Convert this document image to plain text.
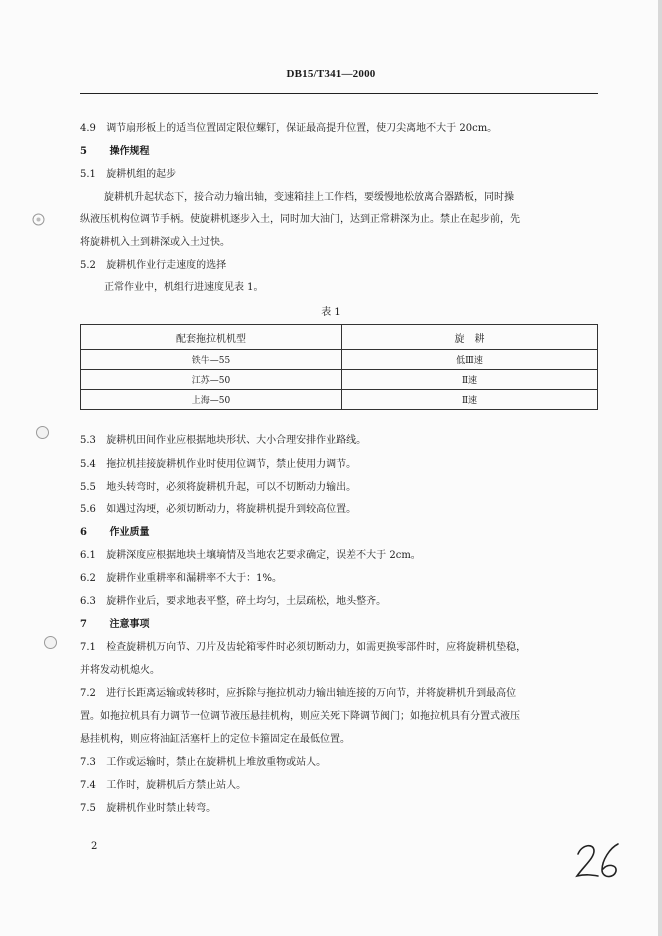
DB15/T341—2000
4.9 调节扇形板上的适当位置固定限位螺钉，保证最高提升位置，使刀尖离地不大于 20cm。
5 操作规程
5.1 旋耕机组的起步
旋耕机升起状态下，接合动力输出轴，变速箱挂上工作档，要缓慢地松放离合器踏板，同时操
纵液压机构位调节手柄。使旋耕机逐步入土，同时加大油门，达到正常耕深为止。禁止在起步前，先
将旋耕机入土到耕深或入土过快。
5.2 旋耕机作业行走速度的选择
正常作业中，机组行进速度见表 1。
表 1
配套拖拉机机型	旋　耕
铁牛—55	低Ⅲ速
江苏—50	Ⅱ速
上海—50	Ⅱ速
5.3 旋耕机田间作业应根据地块形状、大小合理安排作业路线。
5.4 拖拉机挂接旋耕机作业时使用位调节，禁止使用力调节。
5.5 地头转弯时，必须将旋耕机升起，可以不切断动力输出。
5.6 如遇过沟埂，必须切断动力，将旋耕机提升到较高位置。
6 作业质量
6.1 旋耕深度应根据地块土壤墒情及当地农艺要求确定，误差不大于 2cm。
6.2 旋耕作业重耕率和漏耕率不大于：1%。
6.3 旋耕作业后，要求地表平整，碎土均匀，土层疏松，地头整齐。
7 注意事项
7.1 检查旋耕机万向节、刀片及齿轮箱零件时必须切断动力，如需更换零部件时，应将旋耕机垫稳，
并将发动机熄火。
7.2 进行长距离运输或转移时，应拆除与拖拉机动力输出轴连接的万向节，并将旋耕机升到最高位
置。如拖拉机具有力调节一位调节液压悬挂机构，则应关死下降调节阀门；如拖拉机具有分置式液压
悬挂机构，则应将油缸活塞杆上的定位卡箍固定在最低位置。
7.3 工作或运输时，禁止在旋耕机上堆放重物或站人。
7.4 工作时，旋耕机后方禁止站人。
7.5 旋耕机作业时禁止转弯。
2
